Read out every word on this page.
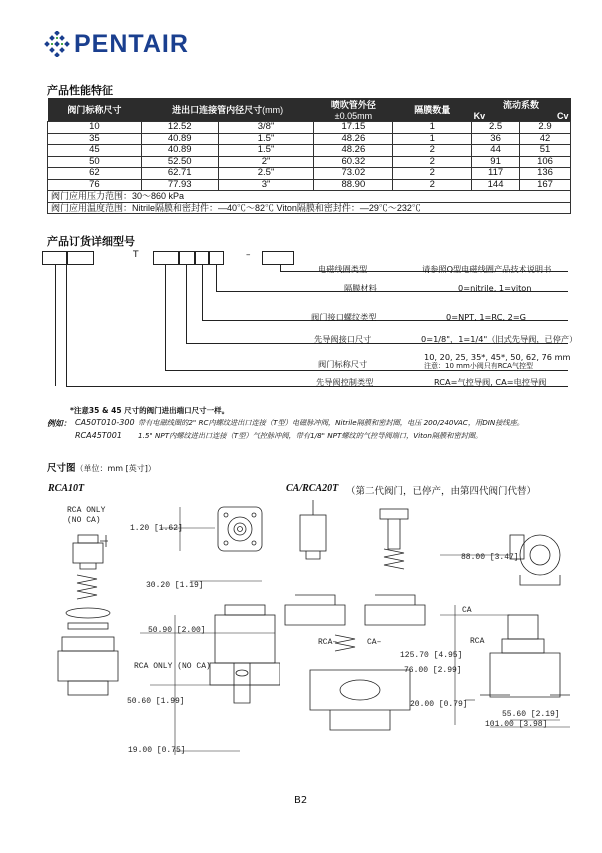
PENTAIR
产品性能特征
阀门标称尺寸	进出口连接管内径尺寸(mm)		喷吹管外径
±0.05mm	隔膜数量	流动系数	
					Kv	Cv
10	12.52	3/8"	17.15	1	2.5	2.9
35	40.89	1.5"	48.26	1	36	42
45	40.89	1.5"	48.26	2	44	51
50	52.50	2"	60.32	2	91	106
62	62.71	2.5"	73.02	2	117	136
76	77.93	3"	88.90	2	144	167
阀门应用压力范围：30～860 kPa						
阀门应用温度范围：Nitrile隔膜和密封件：—40℃～82℃ Viton隔膜和密封件：—29℃～232℃						
产品订货详细型号
T	–
电磁线圈类型	请参照Q型电磁线圈产品技术说明书
隔膜材料	0=nitrile, 1=viton
阀门接口螺纹类型	0=NPT, 1=RC, 2=G
先导阀接口尺寸	0=1/8"，1=1/4"（旧式先导阀，已停产）
阀门标称尺寸
10, 20, 25, 35*, 45*, 50, 62, 76 mm
注意：10 mm小阀只有RCA气控型
先导阀控制类型	RCA=气控导阀, CA=电控导阀
*注意35 & 45 尺寸的阀门进出端口尺寸一样。
例如： CA50T010-300 带有电磁线圈的2" RC内螺纹进出口连接（T型）电磁脉冲阀，Nitrile隔膜和密封圈，电压 200/240VAC，用DIN接线座。
RCA45T001 1.5" NPT内螺纹进出口连接（T型）气控脉冲阀，带有1/8" NPT螺纹的气控导阀端口，Viton隔膜和密封圈。
尺寸图（单位：mm [英寸]）
RCA10T	CA/RCA20T （第二代阀门，已停产，由第四代阀门代替）
RCA ONLY
(NO CA)
1.20 [1.62]
30.20 [1.19]
50.90 [2.00]
RCA ONLY (NO CA)
50.60 [1.99]
19.00 [0.75]
88.00 [3.47]
CA
RCA
RCA–	CA–
125.70 [4.95]
76.00 [2.99]
20.00 [0.79]
55.60 [2.19]
101.00 [3.98]
B2
